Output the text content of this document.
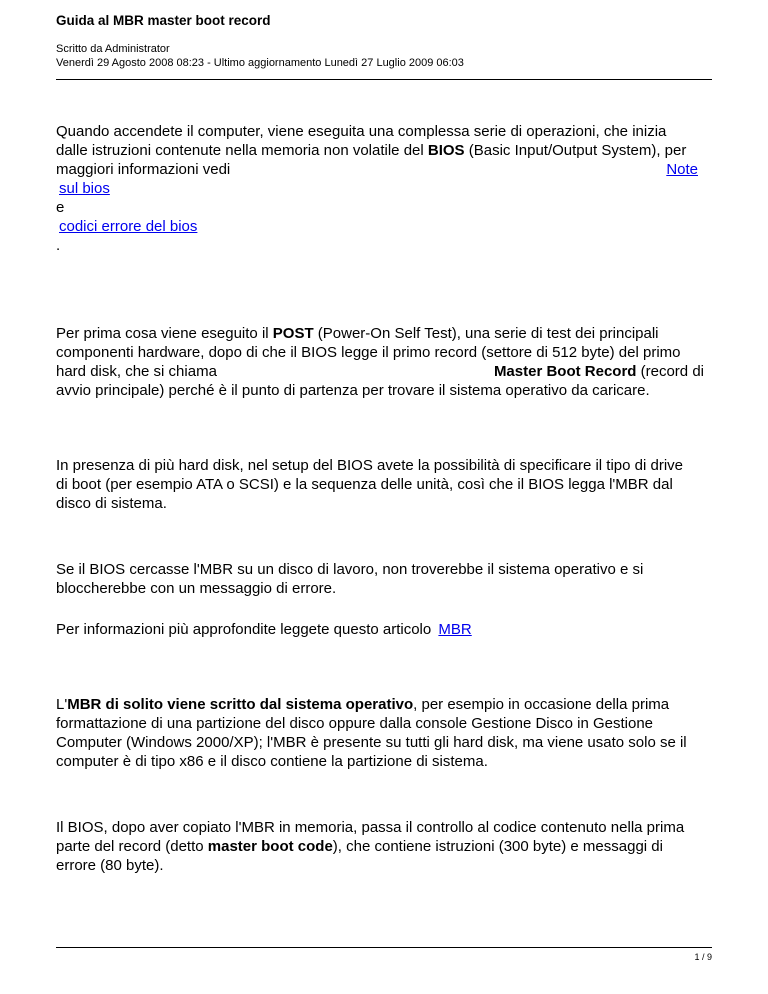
Guida al MBR master boot record
Scritto da Administrator
Venerdì 29 Agosto 2008 08:23 - Ultimo aggiornamento Lunedì 27 Luglio 2009 06:03
Quando accendete il computer, viene eseguita una complessa serie di operazioni, che inizia
dalle istruzioni contenute nella memoria non volatile del BIOS (Basic Input/Output System), per
maggiori informazioni vedi	Note
sul bios
e
codici errore del bios
.
Per prima cosa viene eseguito il POST (Power-On Self Test), una serie di test dei principali
componenti hardware, dopo di che il BIOS legge il primo record (settore di 512 byte) del primo
hard disk, che si chiama	Master Boot Record (record di
avvio principale) perché è il punto di partenza per trovare il sistema operativo da caricare.
In presenza di più hard disk, nel setup del BIOS avete la possibilità di specificare il tipo di drive
di boot (per esempio ATA o SCSI) e la sequenza delle unità, così che il BIOS legga l'MBR dal
disco di sistema.
Se il BIOS cercasse l'MBR su un disco di lavoro, non troverebbe il sistema operativo e si
bloccherebbe con un messaggio di errore.
Per informazioni più approfondite leggete questo articolo MBR
L'MBR di solito viene scritto dal sistema operativo, per esempio in occasione della prima
formattazione di una partizione del disco oppure dalla console Gestione Disco in Gestione
Computer (Windows 2000/XP); l'MBR è presente su tutti gli hard disk, ma viene usato solo se il
computer è di tipo x86 e il disco contiene la partizione di sistema.
Il BIOS, dopo aver copiato l'MBR in memoria, passa il controllo al codice contenuto nella prima
parte del record (detto master boot code), che contiene istruzioni (300 byte) e messaggi di
errore (80 byte).
1 / 9
